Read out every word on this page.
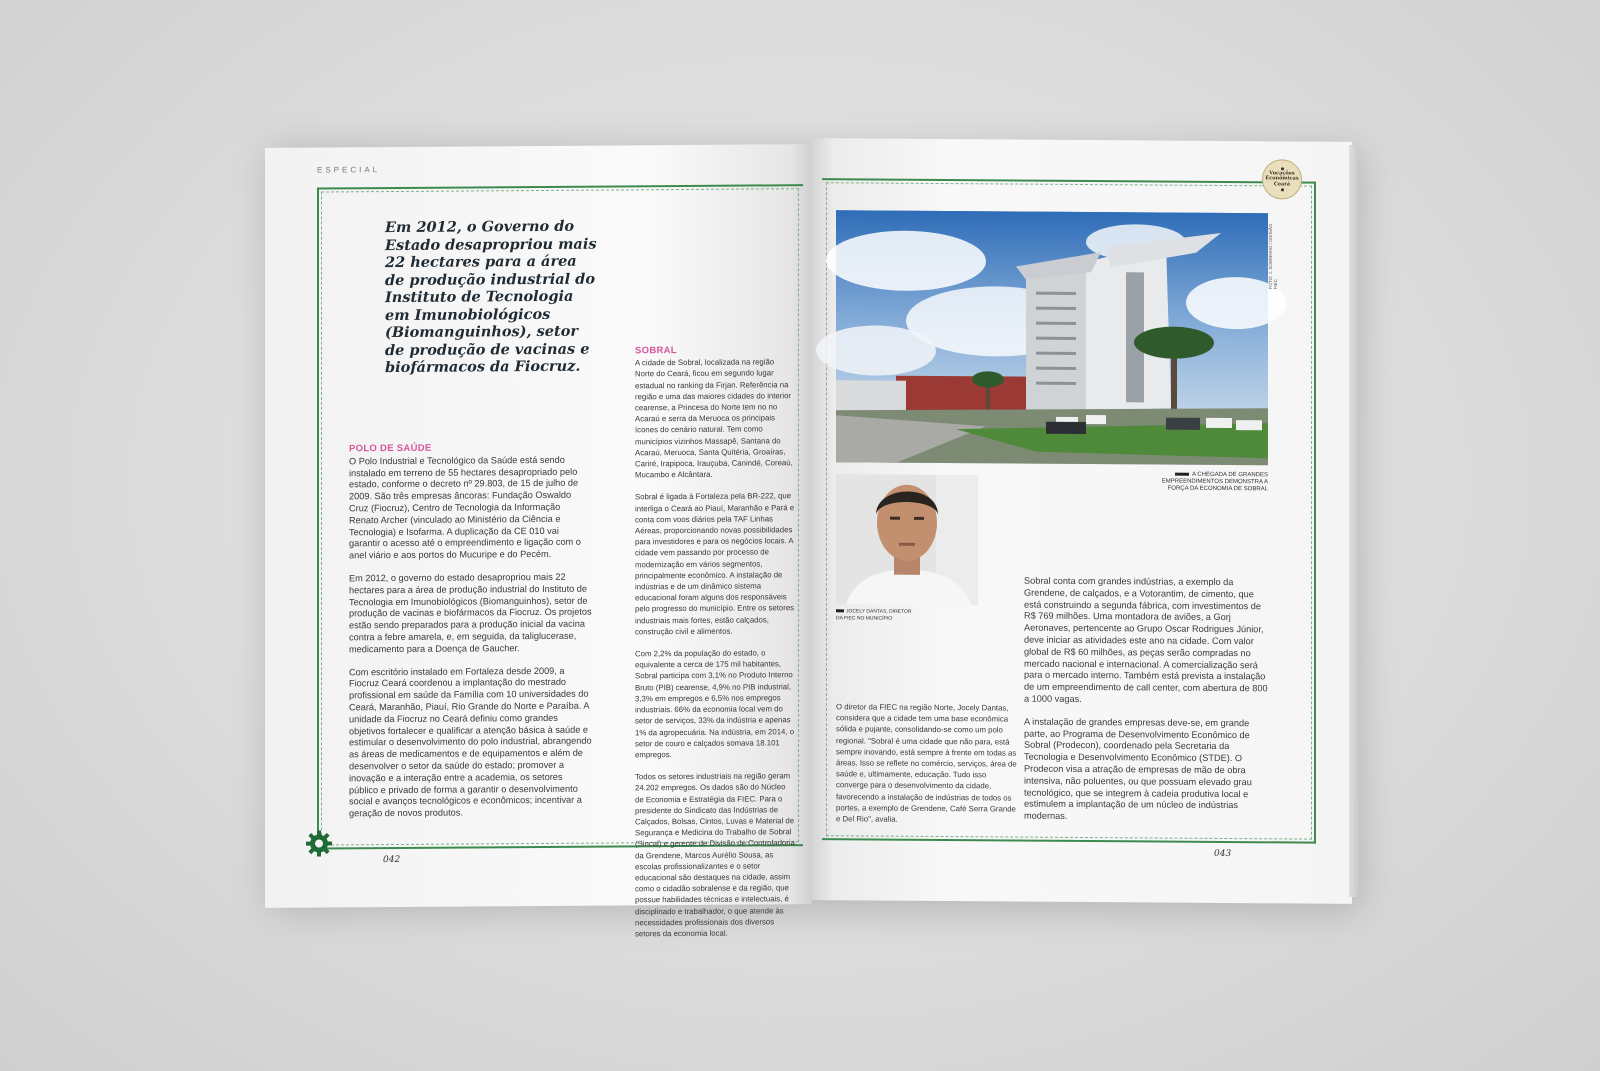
ESPECIAL
Em 2012, o Governo do Estado desapropriou mais 22 hectares para a área de produção industrial do Instituto de Tecnologia em Imunobiológicos (Biomanguinhos), setor de produção de vacinas e biofármacos da Fiocruz.
POLO DE SAÚDE

O Polo Industrial e Tecnológico da Saúde está sendo instalado em terreno de 55 hectares desapropriado pelo estado, conforme o decreto nº 29.803, de 15 de julho de 2009. São três empresas âncoras: Fundação Oswaldo Cruz (Fiocruz), Centro de Tecnologia da Informação Renato Archer (vinculado ao Ministério da Ciência e Tecnologia) e Isofarma. A duplicação da CE 010 vai garantir o acesso até o empreendimento e ligação com o anel viário e aos portos do Mucuripe e do Pecém.

Em 2012, o governo do estado desapropriou mais 22 hectares para a área de produção industrial do Instituto de Tecnologia em Imunobiológicos (Biomanguinhos), setor de produção de vacinas e biofármacos da Fiocruz. Os projetos estão sendo preparados para a produção inicial da vacina contra a febre amarela, e, em seguida, da taliglucerase, medicamento para a Doença de Gaucher.

Com escritório instalado em Fortaleza desde 2009, a Fiocruz Ceará coordenou a implantação do mestrado profissional em saúde da Família com 10 universidades do Ceará, Maranhão, Piauí, Rio Grande do Norte e Paraíba. A unidade da Fiocruz no Ceará definiu como grandes objetivos fortalecer e qualificar a atenção básica à saúde e estimular o desenvolvimento do polo industrial, abrangendo as áreas de medicamentos e de equipamentos e além de desenvolver o setor da saúde do estado; promover a inovação e a interação entre a academia, os setores público e privado de forma a garantir o desenvolvimento social e avanços tecnológicos e econômicos; incentivar a geração de novos produtos.

SOBRAL

A cidade de Sobral, localizada na região Norte do Ceará, ficou em segundo lugar estadual no ranking da Firjan. Referência na região e uma das maiores cidades do interior cearense, a Princesa do Norte tem no no Acaraú e serra da Meruoca os principais ícones do cenário natural. Tem como municípios vizinhos Massapê, Santana do Acaraú, Meruoca, Santa Quitéria, Groaíras, Cariré, Irapipoca, Irauçuba, Canindé, Coreaú, Mucambo e Alcântara.

Sobral é ligada à Fortaleza pela BR-222, que interliga o Ceará ao Piauí, Maranhão e Pará e conta com voos diários pela TAF Linhas Aéreas, proporcionando novas possibilidades para investidores e para os negócios locais. A cidade vem passando por processo de modernização em vários segmentos, principalmente econômico. A instalação de indústrias e de um dinâmico sistema educacional foram alguns dos responsáveis pelo progresso do município. Entre os setores industriais mais fortes, estão calçados, construção civil e alimentos.

Com 2,2% da população do estado, o equivalente a cerca de 175 mil habitantes, Sobral participa com 3,1% no Produto Interno Bruto (PIB) cearense, 4,9% no PIB industrial, 3,3% em empregos e 6,5% nos empregos industriais. 66% da economia local vem do setor de serviços, 33% da indústria e apenas 1% da agropecuária. Na indústria, em 2014, o setor de couro e calçados somava 18.101 empregos.

Todos os setores industriais na região geram 24.202 empregos. Os dados são do Núcleo de Economia e Estratégia da FIEC. Para o presidente do Sindicato das Indústrias de Calçados, Bolsas, Cintos, Luvas e Material de Segurança e Medicina do Trabalho de Sobral (Sincal) e gerente de Divisão de Controladoria da Grendene, Marcos Aurélio Sousa, as escolas profissionalizantes e o setor educacional são destaques na cidade, assim como o cidadão sobralense e da região, que possue habilidades técnicas e intelectuais, é disciplinado e trabalhador, o que atende às necessidades profissionais dos diversos setores da economia local.

042
Vocações
Econômicas
Ceará
FOTO: J. SOBRINHO / DIVISÃO FIEC
A CHEGADA DE GRANDES EMPREENDIMENTOS DEMONSTRA A FORÇA DA ECONOMIA DE SOBRAL
JOCELY DANTAS, DIRETOR DA FIEC NO MUNICÍPIO

O diretor da FIEC na região Norte, Jocely Dantas, considera que a cidade tem uma base econômica sólida e pujante, consolidando-se como um polo regional. "Sobral é uma cidade que não para, está sempre inovando, está sempre à frente em todas as áreas. Isso se reflete no comércio, serviços, área de saúde e, ultimamente, educação. Tudo isso converge para o desenvolvimento da cidade, favorecendo a instalação de indústrias de todos os portes, a exemplo de Grendene, Café Serra Grande e Del Rio", avalia.

Sobral conta com grandes indústrias, a exemplo da Grendene, de calçados, e a Votorantim, de cimento, que está construindo a segunda fábrica, com investimentos de R$ 769 milhões. Uma montadora de aviões, a Gorj Aeronaves, pertencente ao Grupo Oscar Rodrigues Júnior, deve iniciar as atividades este ano na cidade. Com valor global de R$ 60 milhões, as peças serão compradas no mercado nacional e internacional. A comercialização será para o mercado interno. Também está prevista a instalação de um empreendimento de call center, com abertura de 800 a 1000 vagas.

A instalação de grandes empresas deve-se, em grande parte, ao Programa de Desenvolvimento Econômico de Sobral (Prodecon), coordenado pela Secretaria da Tecnologia e Desenvolvimento Econômico (STDE). O Prodecon visa a atração de empresas de mão de obra intensiva, não poluentes, ou que possuam elevado grau tecnológico, que se integrem à cadeia produtiva local e estimulem a implantação de um núcleo de indústrias modernas.

043
